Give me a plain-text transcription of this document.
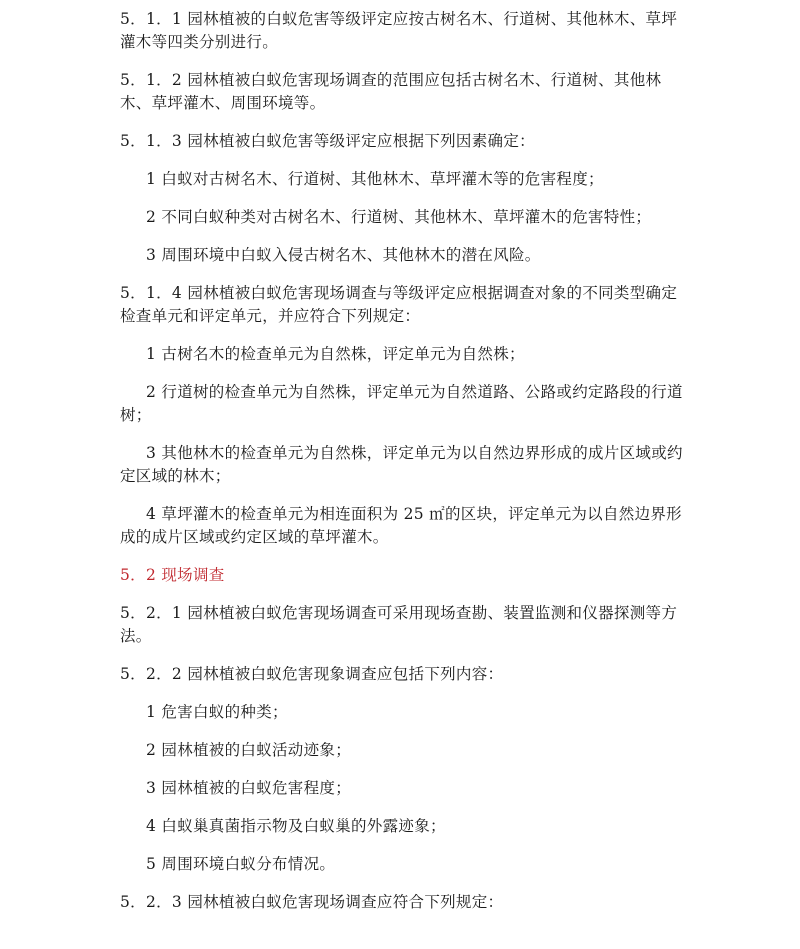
5．1．1 园林植被的白蚁危害等级评定应按古树名木、行道树、其他林木、草坪灌木等四类分别进行。

5．1．2 园林植被白蚁危害现场调查的范围应包括古树名木、行道树、其他林木、草坪灌木、周围环境等。

5．1．3 园林植被白蚁危害等级评定应根据下列因素确定：

1 白蚁对古树名木、行道树、其他林木、草坪灌木等的危害程度；

2 不同白蚁种类对古树名木、行道树、其他林木、草坪灌木的危害特性；

3 周围环境中白蚁入侵古树名木、其他林木的潜在风险。

5．1．4 园林植被白蚁危害现场调查与等级评定应根据调查对象的不同类型确定检查单元和评定单元，并应符合下列规定：

1 古树名木的检查单元为自然株，评定单元为自然株；

2 行道树的检查单元为自然株，评定单元为自然道路、公路或约定路段的行道树；

3 其他林木的检查单元为自然株，评定单元为以自然边界形成的成片区域或约定区域的林木；

4 草坪灌木的检查单元为相连面积为 25 ㎡的区块，评定单元为以自然边界形成的成片区域或约定区域的草坪灌木。

5．2 现场调查

5．2．1 园林植被白蚁危害现场调查可采用现场查勘、装置监测和仪器探测等方法。

5．2．2 园林植被白蚁危害现象调查应包括下列内容：

1 危害白蚁的种类；

2 园林植被的白蚁活动迹象；

3 园林植被的白蚁危害程度；

4 白蚁巢真菌指示物及白蚁巢的外露迹象；

5 周围环境白蚁分布情况。

5．2．3 园林植被白蚁危害现场调查应符合下列规定：
